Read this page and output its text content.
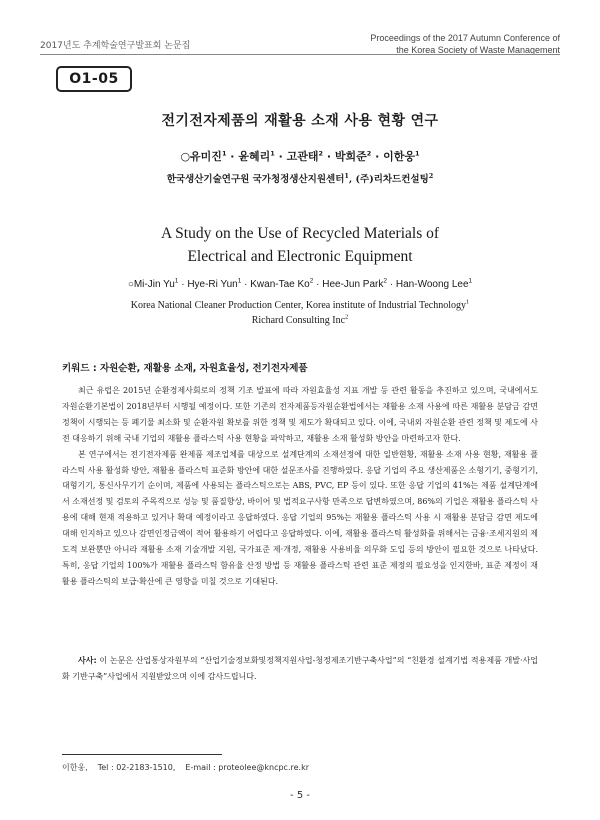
2017년도 추계학술연구발표회 논문집
Proceedings of the 2017 Autumn Conference of
the Korea Society of Waste Management
O1-05
전기전자제품의 재활용 소재 사용 현황 연구
○유미진$^1$ · 윤혜리$^1$ · 고관태$^2$ · 박희준$^2$ · 이한웅$^1$
한국생산기술연구원 국가청정생산지원센터$^1$, (주)리차드컨설팅$^2$
A Study on the Use of Recycled Materials of
Electrical and Electronic Equipment
○Mi-Jin $Yu^1 \cdot Hye-Ri$ Yun$^1$ · Kwan-Tae $Ko^2 \cdot Hee-Jun$ Park$^2$ · Han-Woong Lee$^1$
Korea National Cleaner Production Center, Korea institute of Industrial Technology$^1$
Richard Consulting Inc$^2$
키워드 : 자원순환, 재활용 소재, 자원효율성, 전기전자제품

최근 유럽은 2015년 순환경제사회로의 정책 기조 발표에 따라 자원효율성 지표 개발 등 관련 활동을 추진하고 있으며, 국내에서도 자원순환기본법이 2018년부터 시행될 예정이다. 또한 기존의 전자제품등자원순환법에서는 재활용 소재 사용에 따른 재활용 분담금 감면 정책이 시행되는 등 폐기물 최소화 및 순환자원 확보를 위한 정책 및 제도가 확대되고 있다. 이에, 국내외 자원순환 관련 정책 및 제도에 사전 대응하기 위해 국내 기업의 재활용 플라스틱 사용 현황을 파악하고, 재활용 소재 활성화 방안을 마련하고자 한다.

본 연구에서는 전기전자제품 완제품 제조업체를 대상으로 설계단계의 소재선정에 대한 일반현황, 재활용 소재 사용 현황, 재활용 플라스틱 사용 활성화 방안, 재활용 플라스틱 표준화 방안에 대한 설문조사를 진행하였다. 응답 기업의 주요 생산제품은 소형기기, 중형기기, 대형기기, 통신사무기기 순이며, 제품에 사용되는 플라스틱으로는 ABS, PVC, EP 등이 있다. 또한 응답 기업의 41%는 제품 설계단계에서 소재선정 및 검토의 주목적으로 성능 및 품질향상, 바이어 및 법적요구사항 만족으로 답변하였으며, 86%의 기업은 재활용 플라스틱 사용에 대해 현재 적용하고 있거나 확대 예정이라고 응답하였다. 응답 기업의 95%는 재활용 플라스틱 사용 시 재활용 분담금 감면 제도에 대해 인지하고 있으나 감면인정금액이 적어 활용하기 어렵다고 응답하였다. 이에, 재활용 플라스틱 활성화를 위해서는 금융·조세지원의 제도적 보완뿐만 아니라 재활용 소재 기술개발 지원, 국가표준 제·개정, 재활용 사용비율 의무화 도입 등의 방안이 필요한 것으로 나타났다. 특히, 응답 기업의 100%가 재활용 플라스틱 함유율 산정 방법 등 재활용 플라스틱 관련 표준 제정의 필요성을 인지한바, 표준 제정이 재활용 플라스틱의 보급·확산에 큰 영향을 미칠 것으로 기대된다.

사사: 이 논문은 산업통상자원부의 “산업기술정보화및정책지원사업-청정제조기반구축사업”의 “친환경 설계기법 적용제품 개발·사업화 기반구축”사업에서 지원받았으며 이에 감사드립니다.
이한웅, Tel : 02-2183-1510, E-mail : proteolee@kncpc.re.kr
- 5 -
